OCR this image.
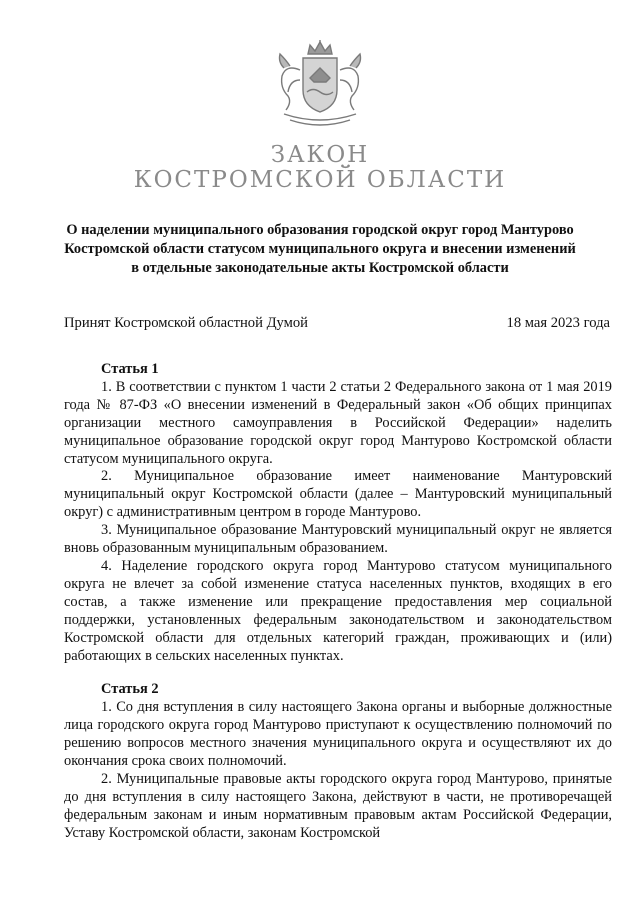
ЗАКОН
КОСТРОМСКОЙ ОБЛАСТИ
О наделении муниципального образования городской округ город Мантурово
Костромской области статусом муниципального округа и внесении изменений
в отдельные законодательные акты Костромской области
Принят Костромской областной Думой	18 мая 2023 года

Статья 1

1. В соответствии с пунктом 1 части 2 статьи 2 Федерального закона от 1 мая 2019 года № 87-ФЗ «О внесении изменений в Федеральный закон «Об общих принципах организации местного самоуправления в Российской Федерации» наделить муниципальное образование городской округ город Мантурово Костромской области статусом муниципального округа.

2. Муниципальное образование имеет наименование Мантуровский муниципальный округ Костромской области (далее – Мантуровский муниципальный округ) с административным центром в городе Мантурово.

3. Муниципальное образование Мантуровский муниципальный округ не является вновь образованным муниципальным образованием.

4. Наделение городского округа город Мантурово статусом муниципального округа не влечет за собой изменение статуса населенных пунктов, входящих в его состав, а также изменение или прекращение предоставления мер социальной поддержки, установленных федеральным законодательством и законодательством Костромской области для отдельных категорий граждан, проживающих и (или) работающих в сельских населенных пунктах.

Статья 2

1. Со дня вступления в силу настоящего Закона органы и выборные должностные лица городского округа город Мантурово приступают к осуществлению полномочий по решению вопросов местного значения муниципального округа и осуществляют их до окончания срока своих полномочий.

2. Муниципальные правовые акты городского округа город Мантурово, принятые до дня вступления в силу настоящего Закона, действуют в части, не противоречащей федеральным законам и иным нормативным правовым актам Российской Федерации, Уставу Костромской области, законам Костромской
